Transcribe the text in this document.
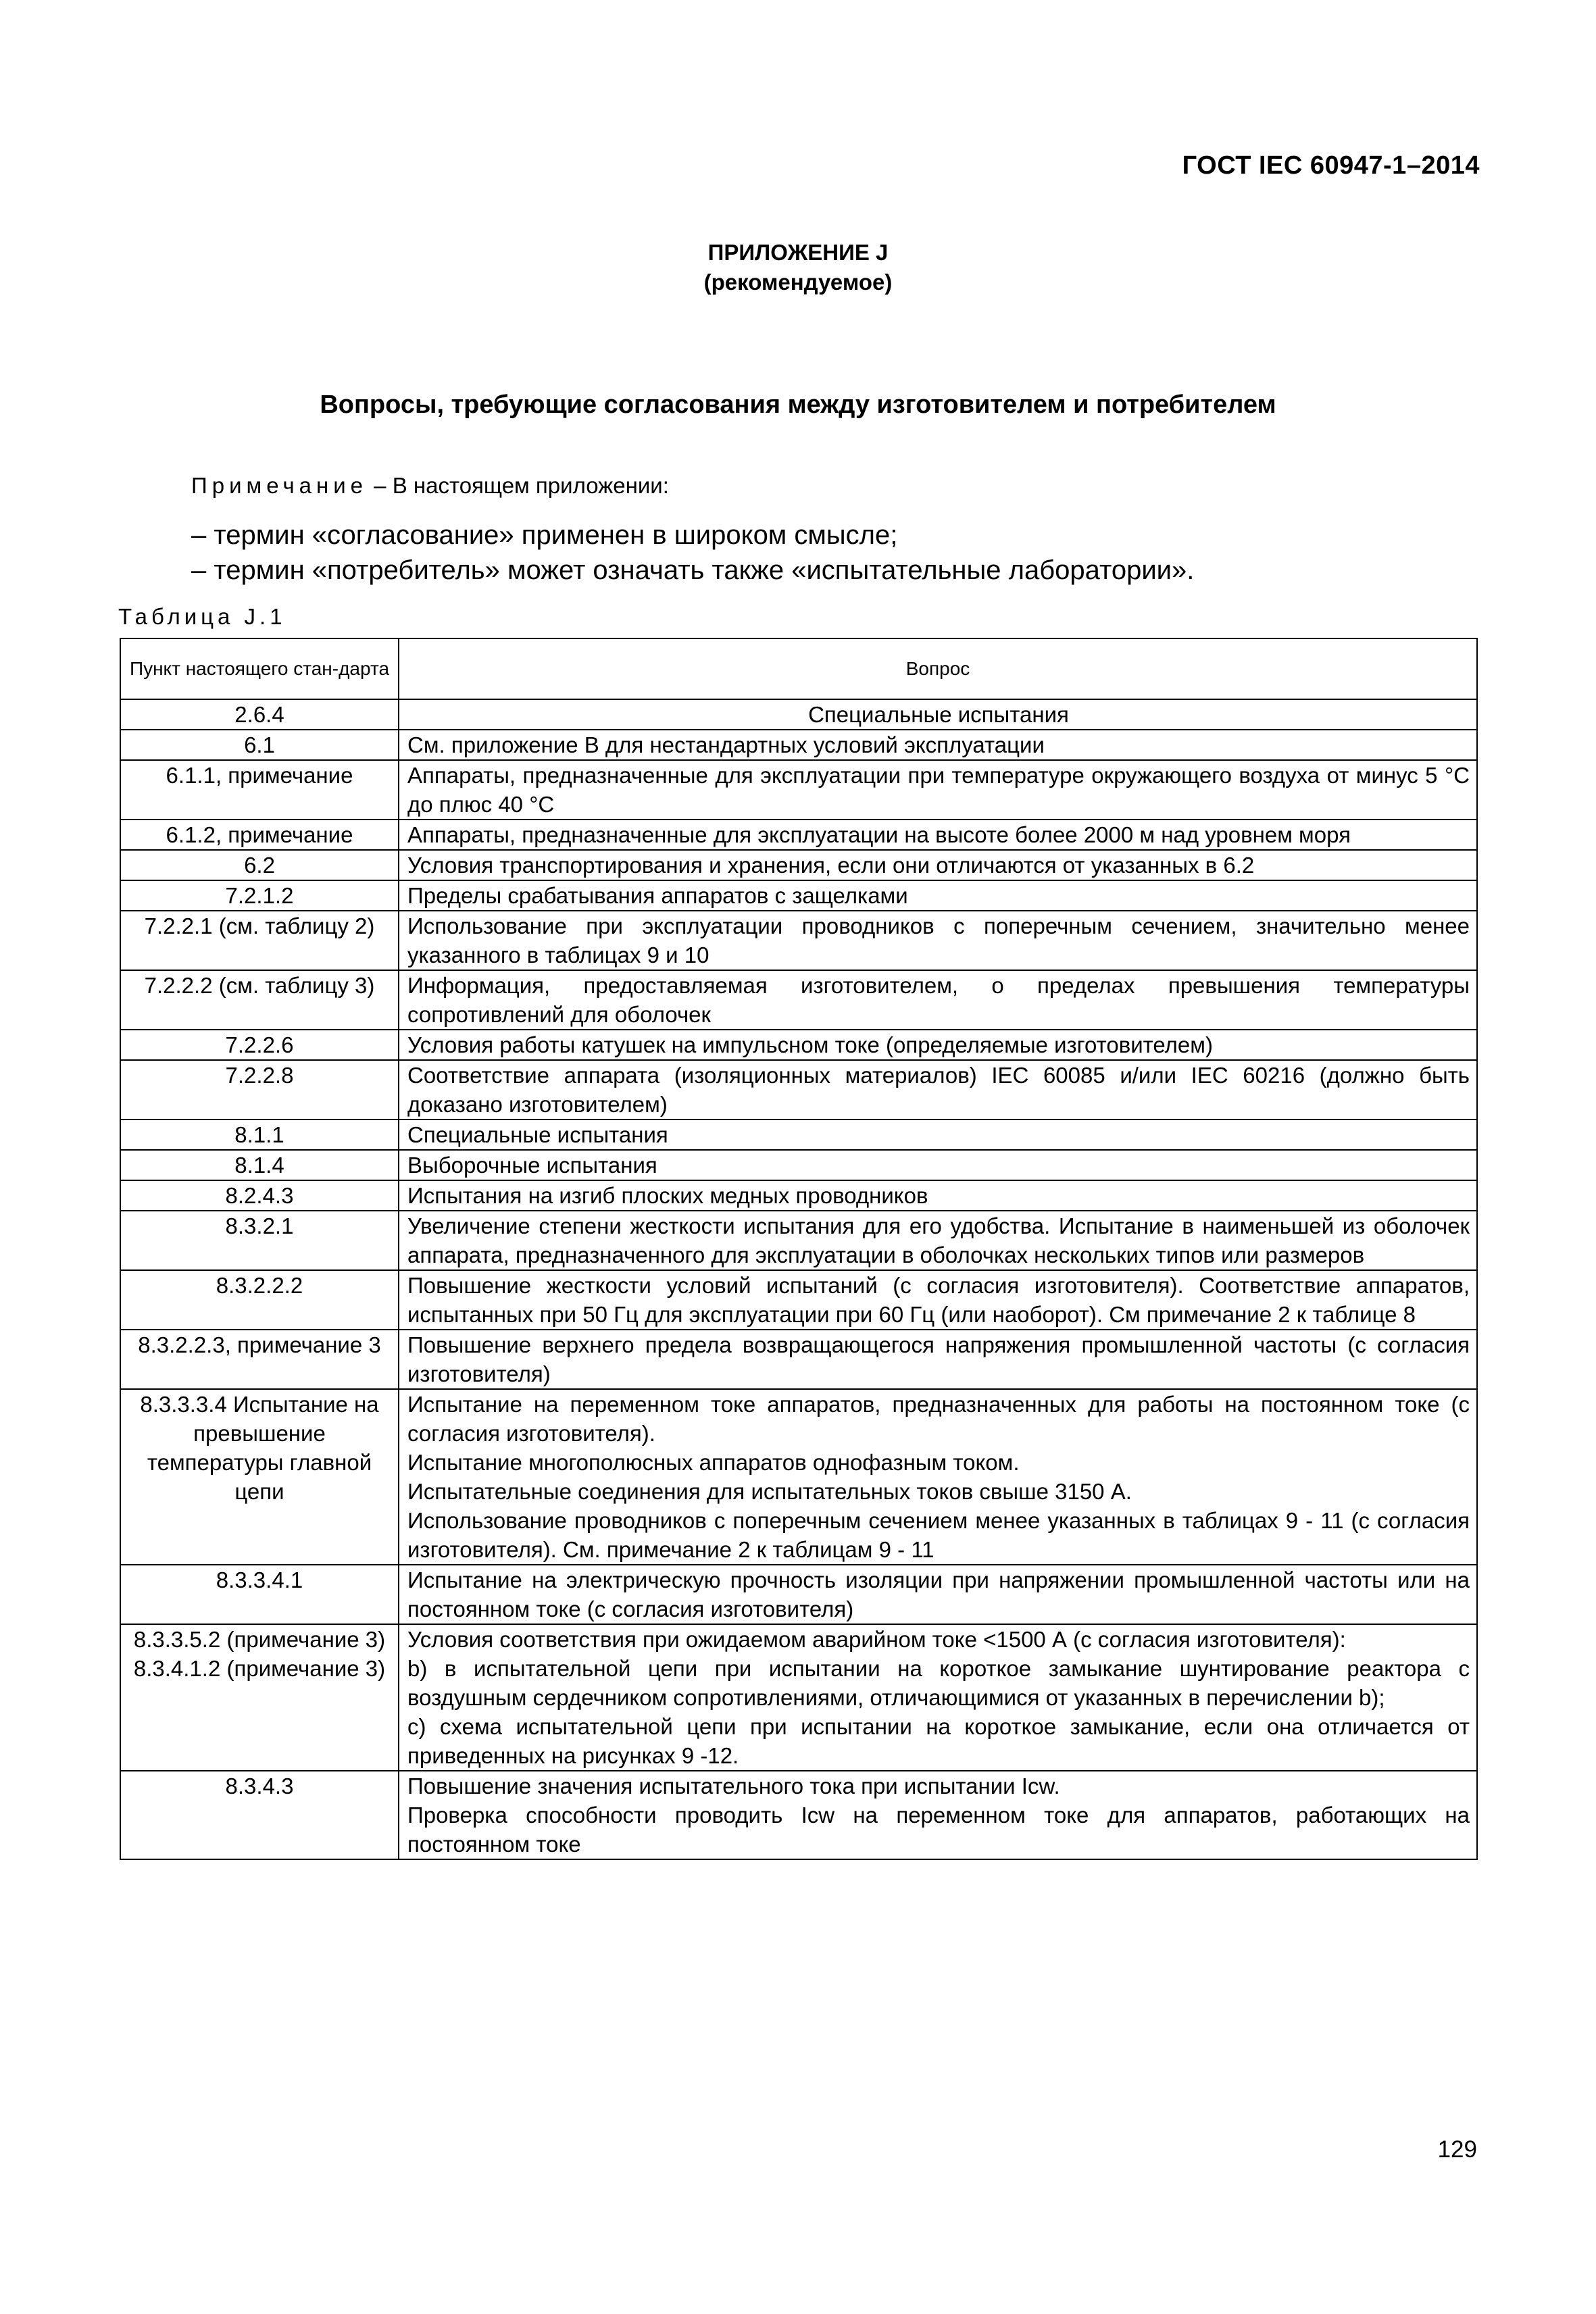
ГОСТ IEC 60947-1–2014
ПРИЛОЖЕНИЕ J
(рекомендуемое)
Вопросы, требующие согласования между изготовителем и потребителем
Примечание – В настоящем приложении:
– термин «согласование» применен в широком смысле;
– термин «потребитель» может означать также «испытательные лаборатории».
Таблица J.1
Пункт настоящего стан-дарта	Вопрос
2.6.4	Специальные испытания

6.1	См. приложение B для нестандартных условий эксплуатации

6.1.1, примечание	Аппараты, предназначенные для эксплуатации при температуре окружающего воздуха от минус 5 °С до плюс 40 °С

6.1.2, примечание	Аппараты, предназначенные для эксплуатации на высоте более 2000 м над уровнем моря

6.2	Условия транспортирования и хранения, если они отличаются от указанных в 6.2

7.2.1.2	Пределы срабатывания аппаратов с защелками

7.2.2.1 (см. таблицу 2)	Использование при эксплуатации проводников с поперечным сечением, значительно менее указанного в таблицах 9 и 10

7.2.2.2 (см. таблицу 3)	Информация, предоставляемая изготовителем, о пределах превышения температуры сопротивлений для оболочек

7.2.2.6	Условия работы катушек на импульсном токе (определяемые изготовителем)

7.2.2.8	Соответствие аппарата (изоляционных материалов) IEC 60085 и/или IEC 60216 (должно быть доказано изготовителем)

8.1.1	Специальные испытания

8.1.4	Выборочные испытания

8.2.4.3	Испытания на изгиб плоских медных проводников

8.3.2.1	Увеличение степени жесткости испытания для его удобства. Испытание в наименьшей из оболочек аппарата, предназначенного для эксплуатации в оболочках нескольких типов или размеров

8.3.2.2.2	Повышение жесткости условий испытаний (с согласия изготовителя). Соответствие аппаратов, испытанных при 50 Гц для эксплуатации при 60 Гц (или наоборот). См примечание 2 к таблице 8

8.3.2.2.3, примечание 3	Повышение верхнего предела возвращающегося напряжения промышленной частоты (с согласия изготовителя)

8.3.3.3.4 Испытание на превышение температуры главной цепи	Испытание на переменном токе аппаратов, предназначенных для работы на постоянном токе (с согласия изготовителя).
Испытание многополюсных аппаратов однофазным током.
Испытательные соединения для испытательных токов свыше 3150 А.
Использование проводников с поперечным сечением менее указанных в таблицах 9 - 11 (с согласия изготовителя). См. примечание 2 к таблицам 9 - 11

8.3.3.4.1	Испытание на электрическую прочность изоляции при напряжении промышленной частоты или на постоянном токе (с согласия изготовителя)

8.3.3.5.2 (примечание 3) 8.3.4.1.2 (примечание 3)	Условия соответствия при ожидаемом аварийном токе <1500 А (с согласия изготовителя):
b) в испытательной цепи при испытании на короткое замыкание шунтирование реактора с воздушным сердечником сопротивлениями, отличающимися от указанных в перечислении b);
c) схема испытательной цепи при испытании на короткое замыкание, если она отличается от приведенных на рисунках 9 -12.

8.3.4.3	Повышение значения испытательного тока при испытании Icw.
Проверка способности проводить Icw на переменном токе для аппаратов, работающих на постоянном токе
129
